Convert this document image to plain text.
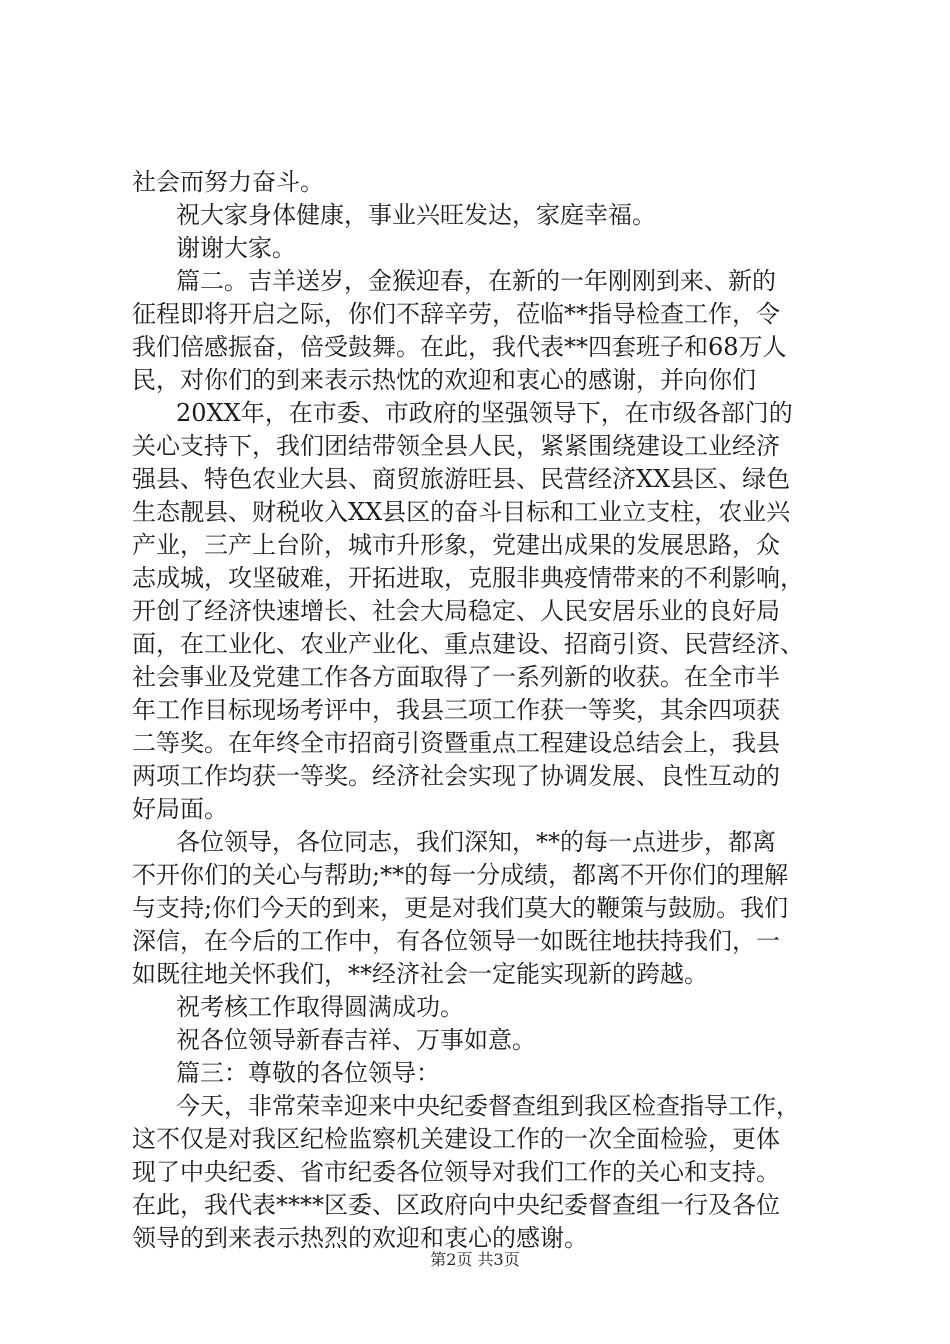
社会而努力奋斗。
祝大家身体健康，事业兴旺发达，家庭幸福。
谢谢大家。
篇二。吉羊送岁，金猴迎春，在新的一年刚刚到来、新的
征程即将开启之际，你们不辞辛劳，莅临**指导检查工作，令
我们倍感振奋，倍受鼓舞。在此，我代表**四套班子和68万人
民，对你们的到来表示热忱的欢迎和衷心的感谢，并向你们
20XX年，在市委、市政府的坚强领导下，在市级各部门的
关心支持下，我们团结带领全县人民，紧紧围绕建设工业经济
强县、特色农业大县、商贸旅游旺县、民营经济XX县区、绿色
生态靓县、财税收入XX县区的奋斗目标和工业立支柱，农业兴
产业，三产上台阶，城市升形象，党建出成果的发展思路，众
志成城，攻坚破难，开拓进取，克服非典疫情带来的不利影响，
开创了经济快速增长、社会大局稳定、人民安居乐业的良好局
面，在工业化、农业产业化、重点建设、招商引资、民营经济、
社会事业及党建工作各方面取得了一系列新的收获。在全市半
年工作目标现场考评中，我县三项工作获一等奖，其余四项获
二等奖。在年终全市招商引资暨重点工程建设总结会上，我县
两项工作均获一等奖。经济社会实现了协调发展、良性互动的
好局面。
各位领导，各位同志，我们深知，**的每一点进步，都离
不开你们的关心与帮助;**的每一分成绩，都离不开你们的理解
与支持;你们今天的到来，更是对我们莫大的鞭策与鼓励。我们
深信，在今后的工作中，有各位领导一如既往地扶持我们，一
如既往地关怀我们，**经济社会一定能实现新的跨越。
祝考核工作取得圆满成功。
祝各位领导新春吉祥、万事如意。
篇三：尊敬的各位领导：
今天，非常荣幸迎来中央纪委督查组到我区检查指导工作，
这不仅是对我区纪检监察机关建设工作的一次全面检验，更体
现了中央纪委、省市纪委各位领导对我们工作的关心和支持。
在此，我代表****区委、区政府向中央纪委督查组一行及各位
领导的到来表示热烈的欢迎和衷心的感谢。
第2页 共3页
